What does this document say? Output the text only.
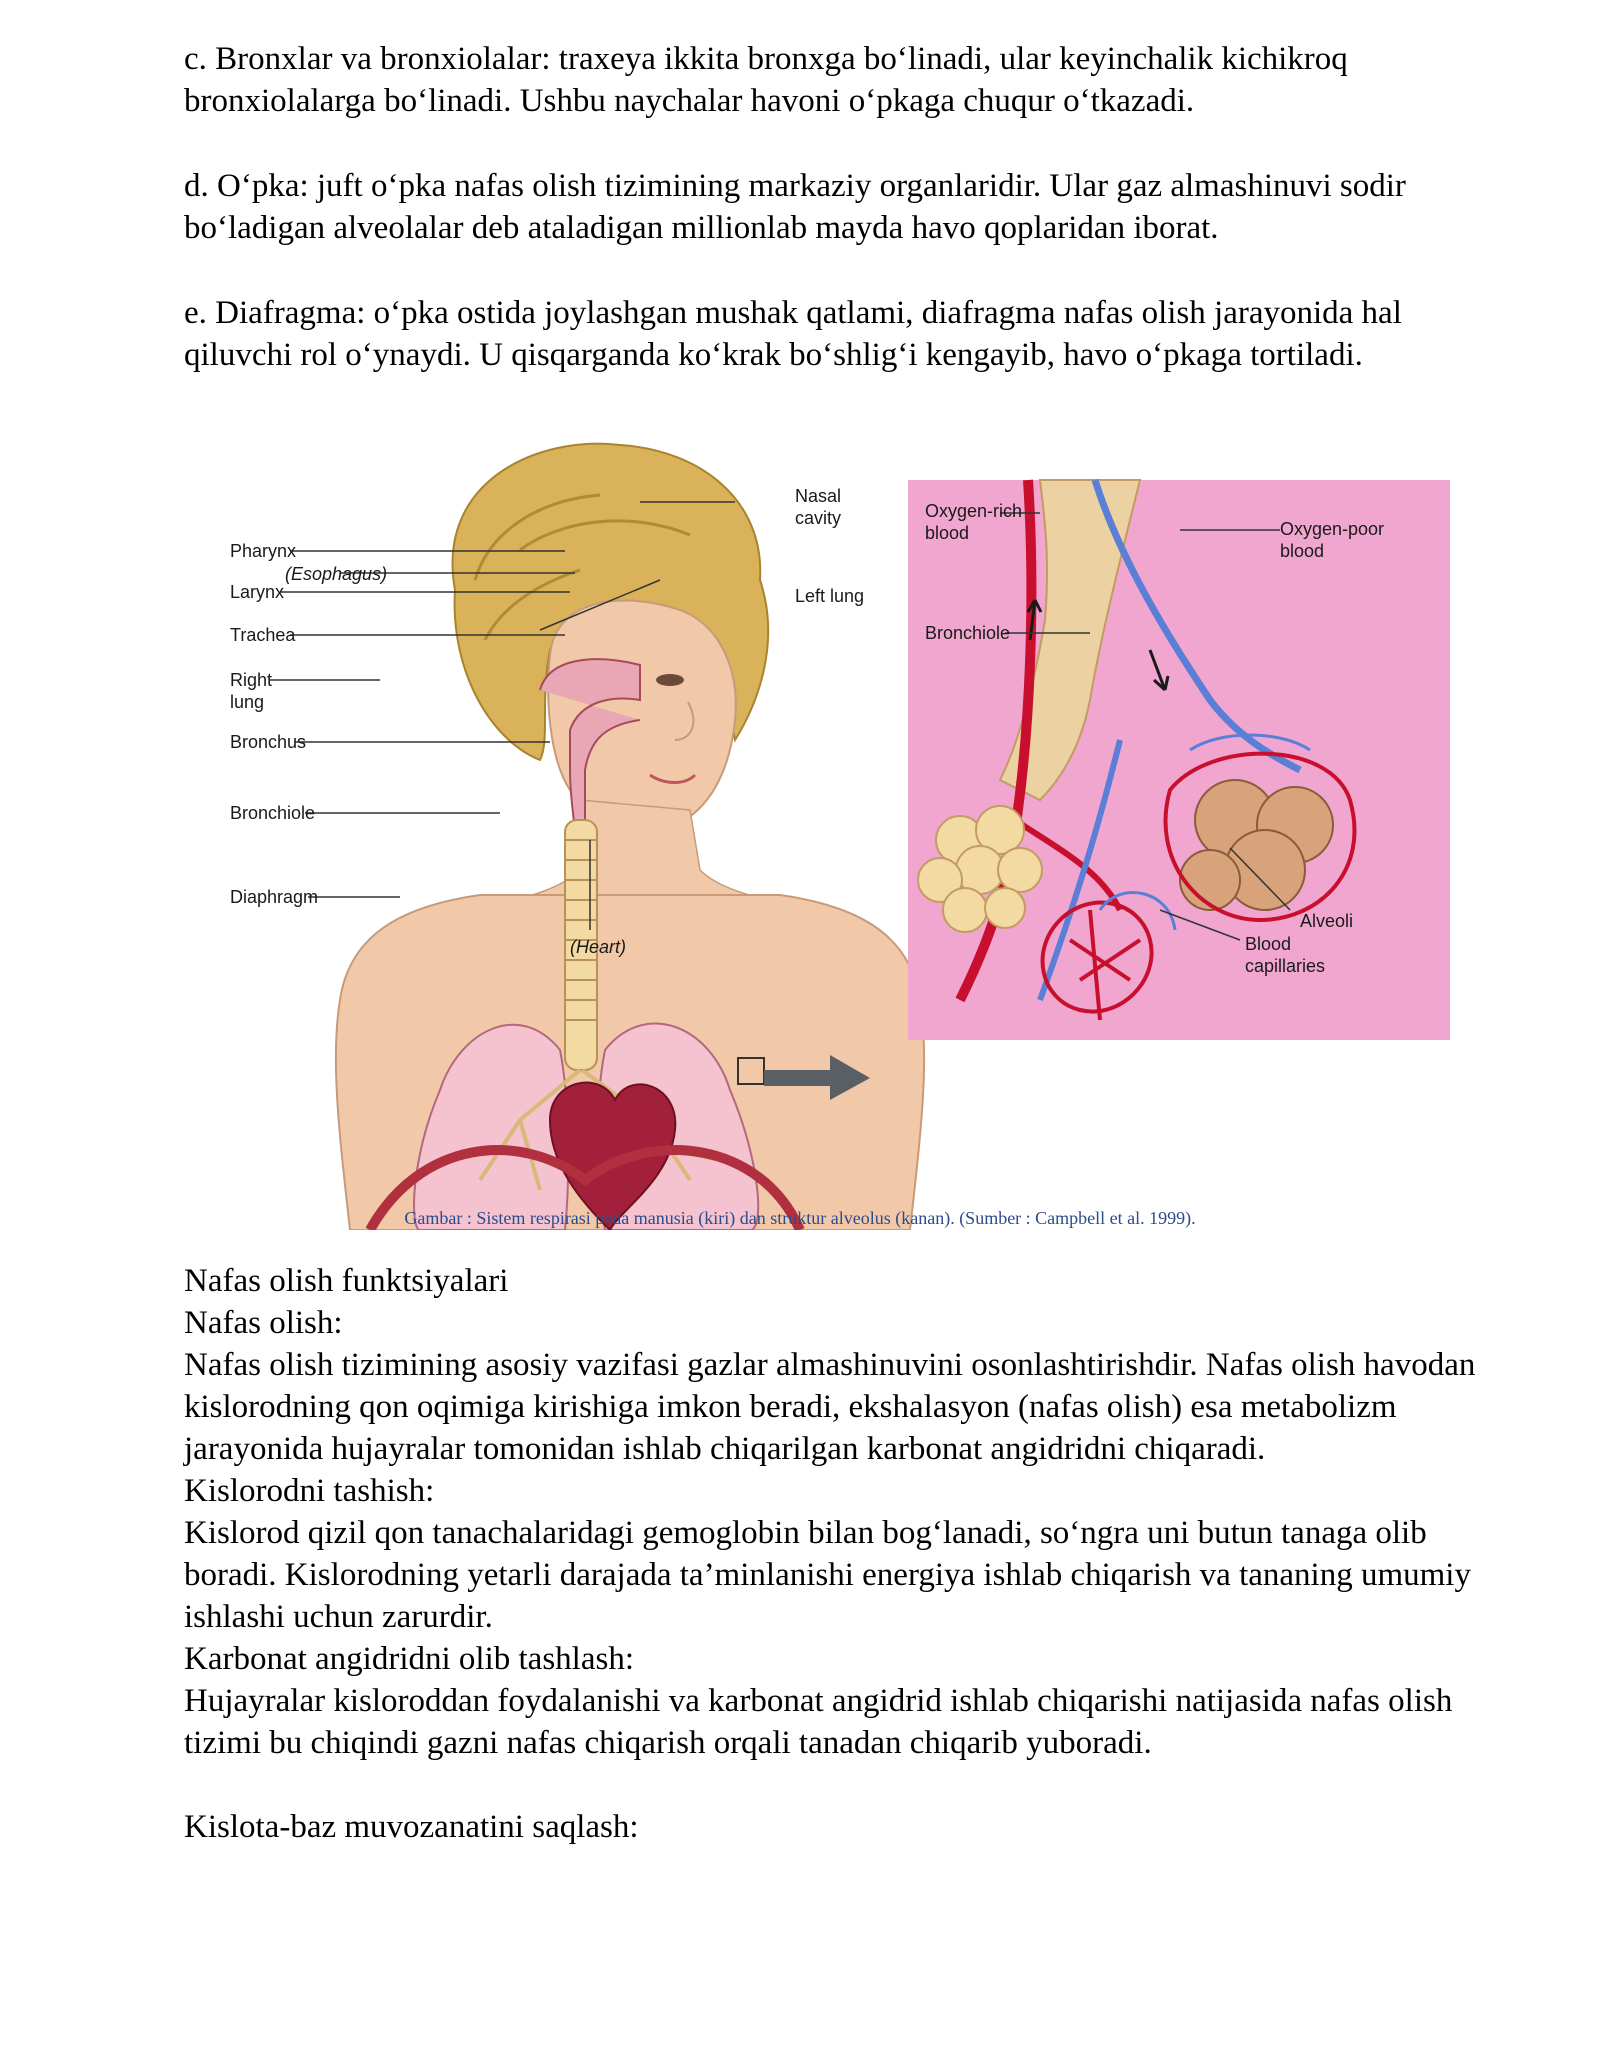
c. Bronxlar va bronxiolalar: traxeya ikkita bronxga bo‘linadi, ular keyinchalik kichikroq bronxiolalarga bo‘linadi. Ushbu naychalar havoni o‘pkaga chuqur o‘tkazadi.

d. O‘pka: juft o‘pka nafas olish tizimining markaziy organlaridir. Ular gaz almashinuvi sodir bo‘ladigan alveolalar deb ataladigan millionlab mayda havo qoplaridan iborat.

e. Diafragma: o‘pka ostida joylashgan mushak qatlami, diafragma nafas olish jarayonida hal qiluvchi rol o‘ynaydi. U qisqarganda ko‘krak bo‘shlig‘i kengayib, havo o‘pkaga tortiladi.

Pharynx
(Esophagus)
Larynx
Trachea
Right
lung
Bronchus
Bronchiole
Diaphragm
(Heart)
Nasal
cavity
Left lung
Oxygen-rich
blood	Oxygen-poor
blood
Bronchiole
Alveoli
Blood
capillaries
Gambar : Sistem respirasi pada manusia (kiri) dan struktur alveolus (kanan). (Sumber : Campbell et al. 1999).

Nafas olish funktsiyalari

Nafas olish:

Nafas olish tizimining asosiy vazifasi gazlar almashinuvini osonlashtirishdir. Nafas olish havodan kislorodning qon oqimiga kirishiga imkon beradi, ekshalasyon (nafas olish) esa metabolizm jarayonida hujayralar tomonidan ishlab chiqarilgan karbonat angidridni chiqaradi.

Kislorodni tashish:

Kislorod qizil qon tanachalaridagi gemoglobin bilan bog‘lanadi, so‘ngra uni butun tanaga olib boradi. Kislorodning yetarli darajada ta’minlanishi energiya ishlab chiqarish va tananing umumiy ishlashi uchun zarurdir.

Karbonat angidridni olib tashlash:

Hujayralar kisloroddan foydalanishi va karbonat angidrid ishlab chiqarishi natijasida nafas olish tizimi bu chiqindi gazni nafas chiqarish orqali tanadan chiqarib yuboradi.

Kislota-baz muvozanatini saqlash:
